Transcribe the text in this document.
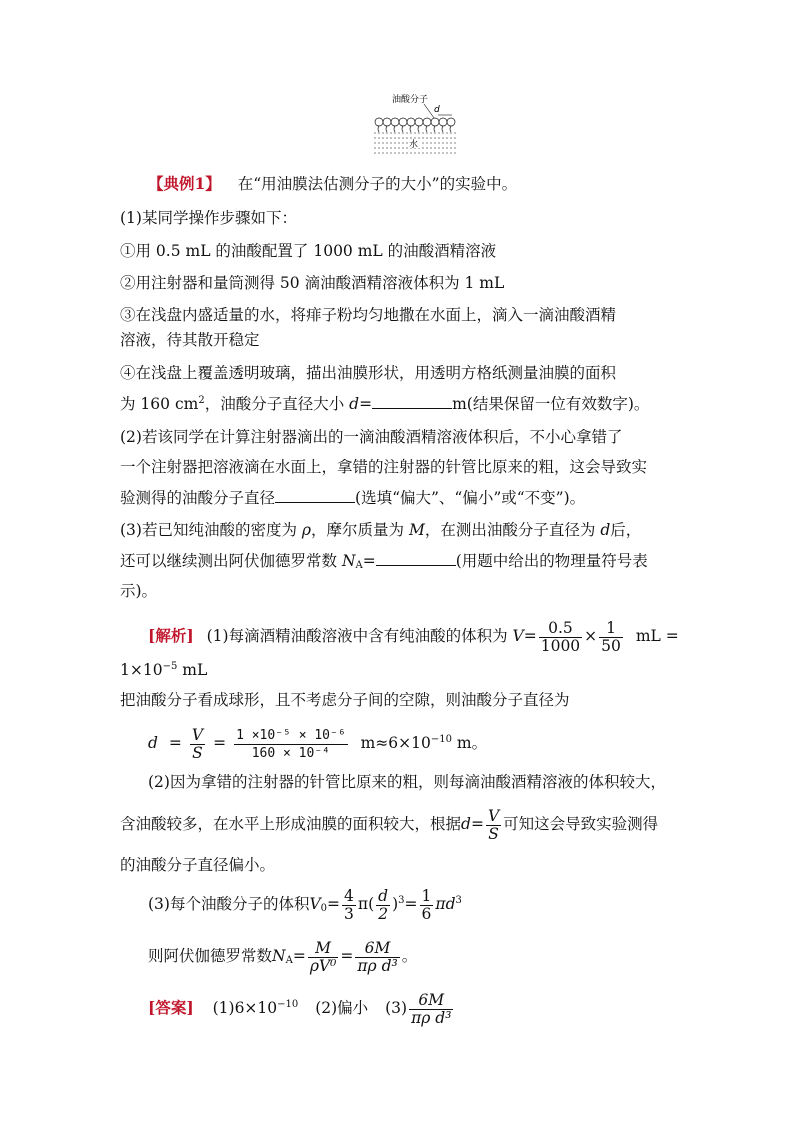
油酸分子
d
水
【典例1】 在“用油膜法估测分子的大小”的实验中。
(1)某同学操作步骤如下：
①用 0.5 mL 的油酸配置了 1000 mL 的油酸酒精溶液
②用注射器和量筒测得 50 滴油酸酒精溶液体积为 1 mL
③在浅盘内盛适量的水，将痱子粉均匀地撒在水面上，滴入一滴油酸酒精
溶液，待其散开稳定
④在浅盘上覆盖透明玻璃，描出油膜形状，用透明方格纸测量油膜的面积
为 160 $cm^2$，油酸分子直径大小 d=	m(结果保留一位有效数字)。
(2)若该同学在计算注射器滴出的一滴油酸酒精溶液体积后，不小心拿错了
一个注射器把溶液滴在水面上，拿错的注射器的针管比原来的粗，这会导致实
验测得的油酸分子直径	(选填“偏大”、“偏小”或“不变”)。
(3)若已知纯油酸的密度为 ρ，摩尔质量为 M，在测出油酸分子直径为 d后，
还可以继续测出阿伏伽德罗常数 $N_A=$	(用题中给出的物理量符号表
示)。
[解析] (1)每滴酒精油酸溶液中含有纯油酸的体积为 $V= \frac{0.5}{1000} \times \frac{1}{50}$ mL =
$1\times 10^{-5}$ mL
把油酸分子看成球形，且不考虑分子间的空隙，则油酸分子直径为
$d = \frac{V}{S} = \frac{\text{1 ×10⁻⁵ × 10⁻⁶}}{\text{160 × 10⁻⁴}} m\approx 6\times 10^{-10}$ m。
(2)因为拿错的注射器的针管比原来的粗，则每滴油酸酒精溶液的体积较大，
含油酸较多，在水平上形成油膜的面积较大，根据$d= \frac{V}{S}$ 可知这会导致实验测得
的油酸分子直径偏小。
(3)每个油酸分子的体积$V_0= \frac{4}{3} \pi( \frac{d}{2} )^3= \frac{1}{6} \pi d^3$
则阿伏伽德罗常数$N_A= \frac{M}{\text{ρV⁰}} = \frac{6M}{\text{πρ d³}}$ 。
[答案] $(1)6\times 10^{-10}$ (2)偏小 $(3) \frac{6M}{\text{πρ d³}}$
